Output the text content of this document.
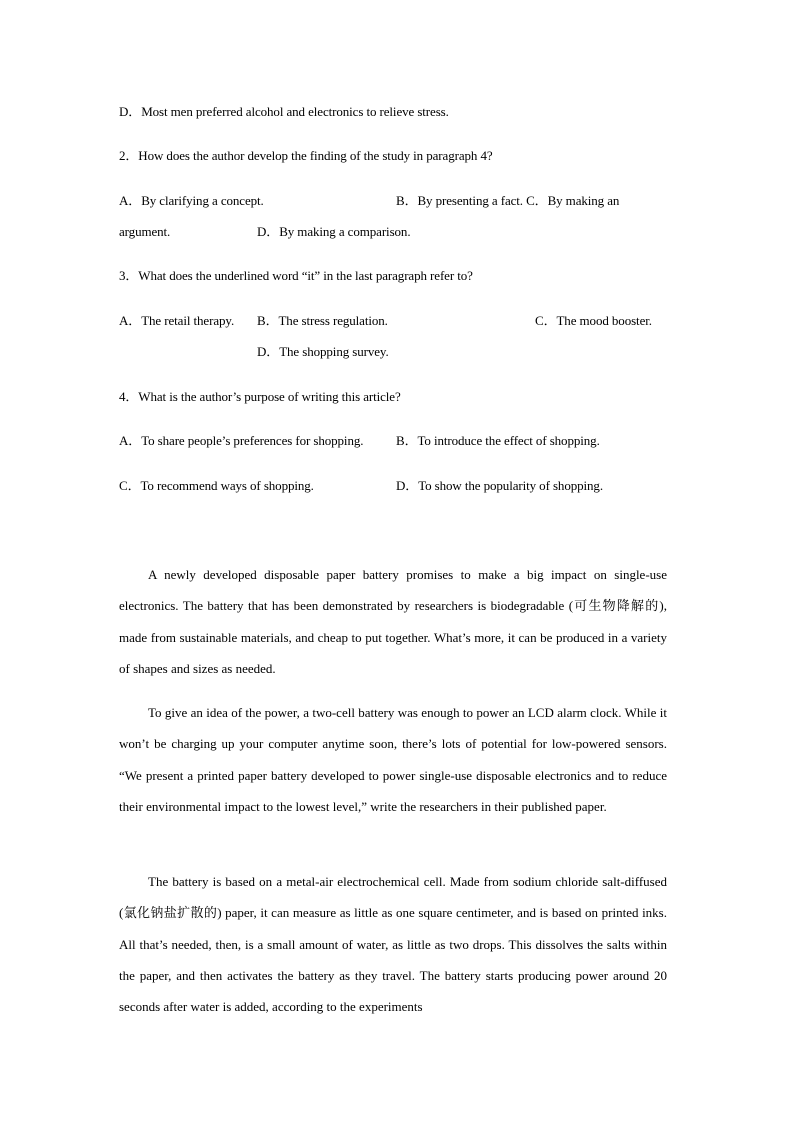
D．Most men preferred alcohol and electronics to relieve stress.
2．How does the author develop the finding of the study in paragraph 4?
A．By clarifying a concept.	B．By presenting a fact. C．By making an
argument.	D．By making a comparison.
3．What does the underlined word “it” in the last paragraph refer to?
A．The retail therapy. B．The stress regulation.	C．The mood booster.
D．The shopping survey.
4．What is the author’s purpose of writing this article?
A．To share people’s preferences for shopping.	B．To introduce the effect of shopping.
C．To recommend ways of shopping.	D．To show the popularity of shopping.
A newly developed disposable paper battery promises to make a big impact on single-use electronics. The battery that has been demonstrated by researchers is biodegradable (可生物降解的), made from sustainable materials, and cheap to put together. What’s more, it can be produced in a variety of shapes and sizes as needed.
To give an idea of the power, a two-cell battery was enough to power an LCD alarm clock. While it won’t be charging up your computer anytime soon, there’s lots of potential for low-powered sensors. “We present a printed paper battery developed to power single-use disposable electronics and to reduce their environmental impact to the lowest level,” write the researchers in their published paper.
The battery is based on a metal-air electrochemical cell. Made from sodium chloride salt-diffused (氯化钠盐扩散的) paper, it can measure as little as one square centimeter, and is based on printed inks. All that’s needed, then, is a small amount of water, as little as two drops. This dissolves the salts within the paper, and then activates the battery as they travel. The battery starts producing power around 20 seconds after water is added, according to the experiments
